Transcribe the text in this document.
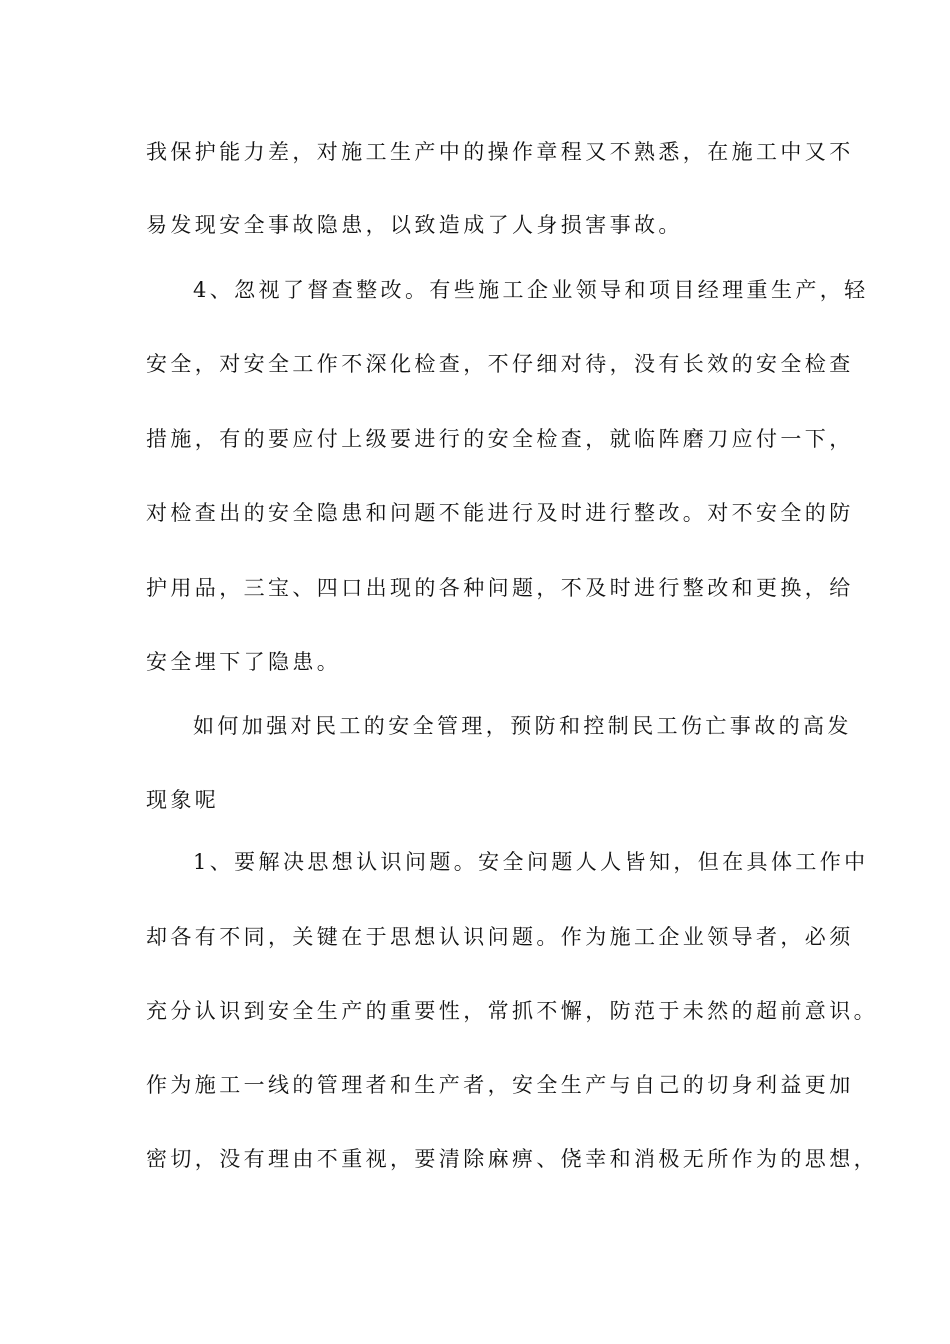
我保护能力差，对施工生产中的操作章程又不熟悉，在施工中又不
易发现安全事故隐患，以致造成了人身损害事故。
4、忽视了督查整改。有些施工企业领导和项目经理重生产，轻
安全，对安全工作不深化检查，不仔细对待，没有长效的安全检查
措施，有的要应付上级要进行的安全检查，就临阵磨刀应付一下，
对检查出的安全隐患和问题不能进行及时进行整改。对不安全的防
护用品，三宝、四口出现的各种问题，不及时进行整改和更换，给
安全埋下了隐患。
如何加强对民工的安全管理，预防和控制民工伤亡事故的高发
现象呢
1、要解决思想认识问题。安全问题人人皆知，但在具体工作中
却各有不同，关键在于思想认识问题。作为施工企业领导者，必须
充分认识到安全生产的重要性，常抓不懈，防范于未然的超前意识。
作为施工一线的管理者和生产者，安全生产与自己的切身利益更加
密切，没有理由不重视，要清除麻痹、侥幸和消极无所作为的思想，
